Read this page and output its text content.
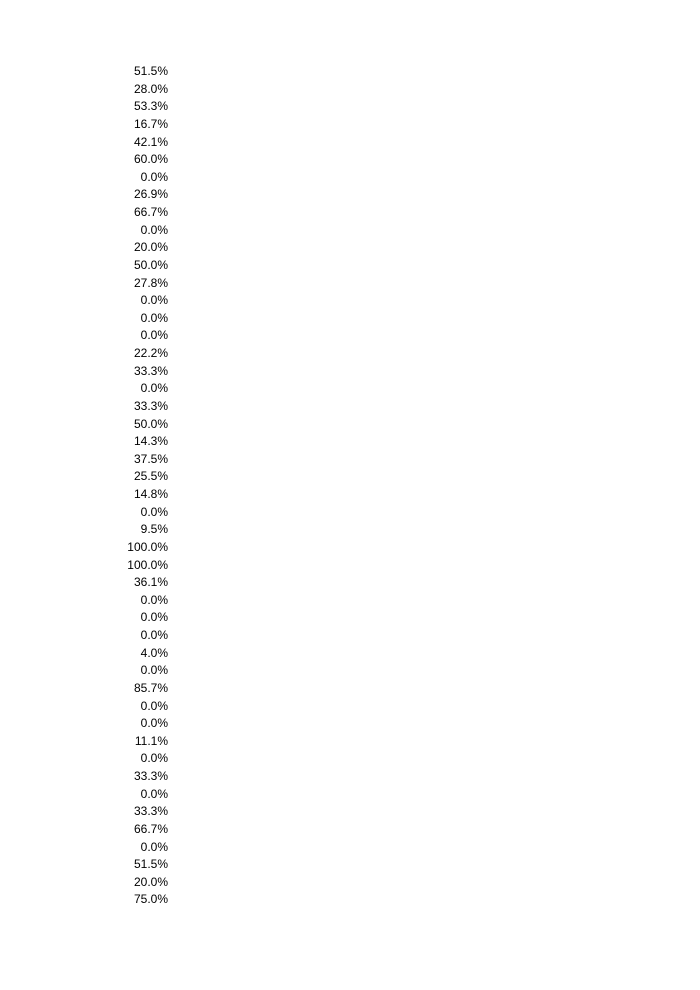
51.5%
28.0%
53.3%
16.7%
42.1%
60.0%
0.0%
26.9%
66.7%
0.0%
20.0%
50.0%
27.8%
0.0%
0.0%
0.0%
22.2%
33.3%
0.0%
33.3%
50.0%
14.3%
37.5%
25.5%
14.8%
0.0%
9.5%
100.0%
100.0%
36.1%
0.0%
0.0%
0.0%
4.0%
0.0%
85.7%
0.0%
0.0%
11.1%
0.0%
33.3%
0.0%
33.3%
66.7%
0.0%
51.5%
20.0%
75.0%
